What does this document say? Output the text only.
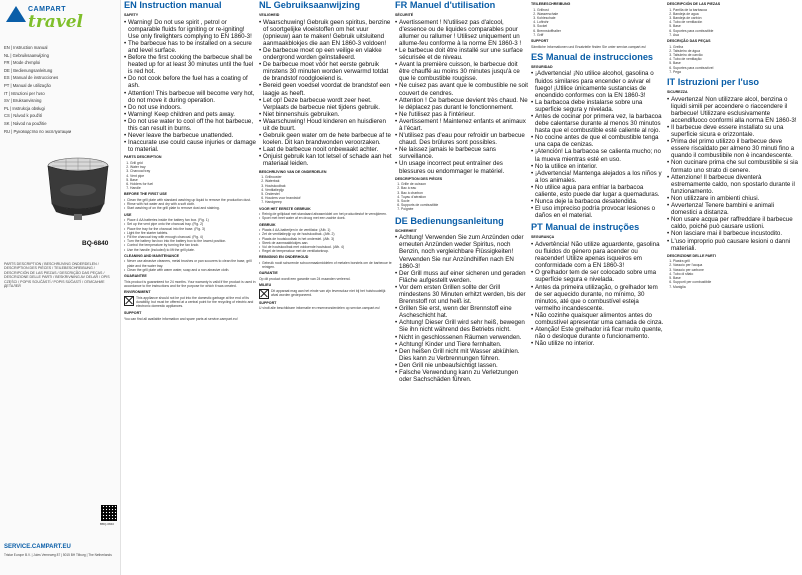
CAMPART
travel
EN | Instruction manual
NL | Gebruiksaanwijzing
FR | Mode d'emploi
DE | Bedienungsanleitung
ES | Manual de instrucciones
PT | Manual de utilização
IT | Istruzioni per l'uso
SV | Bruksanvisning
PL | Instrukcja obsługi
CS | Návod k použití
SK | Návod na použitie
RU | Руководство по эксплуатации
BQ-6840

PARTS DESCRIPTION / BESCHRIJVING ONDERDELEN / DESCRIPTION DES PIÈCES / TEILEBESCHREIBUNG / DESCRIPCIÓN DE LAS PIEZAS / DESCRIÇÃO DAS PEÇAS / DESCRIZIONE DELLE PARTI / BESKRIVNING AV DELAR / OPIS CZĘŚCI / POPIS SOUČÁSTÍ / POPIS SÚČASTÍ / ОПИСАНИЕ ДЕТАЛЕЙ

BBQ-6840
SERVICE.CAMPART.EU
Tristar Europe B.V. | Jules Verneweg 87 | 5015 BH Tilburg | The Netherlands
EN Instruction manual
SAFETY
• Warning! Do not use spirit , petrol or comparable fluids for igniting or re-igniting! Use only firelighters complying to EN 1860-3!
• The barbecue has to be installed on a secure and level surface.
• Before the first cooking the barbecue shall be heated up for at least 30 minutes until the fuel is red hot.
• Do not cook before the fuel has a coating of ash.
• Attention! This barbecue will become very hot, do not move it during operation.
• Do not use indoors.
• Warning! Keep children and pets away.
• Do not use water to cool off the hot barbecue, this can result in burns.
• Never leave the barbecue unattended.
• Inaccurate use could cause injuries or damage to material.
PARTS DESCRIPTION
1. Grill grid
2. Water tray
3. Charcoal tray
4. Vent pipe
5. Base
6. Holders for fuel
7. Handle
BEFORE THE FIRST USE
• Clean the grill plate with standard washing up liquid to remove the production dust.
• Rinse with hot water and dry with a soft cloth.
• Start washing of on the grill plate to remove dust and staining.
USE
• Place 4 AA batteries inside the battery fan box. (Fig. 1)
• Set up the vent pipe onto the charcoal tray. (Fig. 2)
• Place the tray for the charcoal into the base. (Fig. 3)
• Light the fire starter tablets.
• Fill the charcoal tray with enough charcoal. (Fig. 4)
• Turn the battery fan box into the battery box to the lowest position.
• Control the temperature by turning the fan knob.
• Use the handle (included) to lift the grill plate.
CLEANING AND MAINTENANCE
• Never use abrasive cleaners, metal brushes or pan scourers to clean the base, grill plate and the water tray.
• Clean the grill plate with warm water, soap and a non abrasive cloth.
GUARANTEE

This product is guaranteed for 24 months. Your warranty is valid if the product is used in accordance to the instructions and for the purpose for which it was created.

ENVIRONMENT

This appliance should not be put into the domestic garbage at the end of its durability, but must be offered at a central point for the recycling of electric and electronic domestic appliances.

SUPPORT

You can find all available information and spare parts at service.campart.eu!

NL Gebruiksaanwijzing
VEILIGHEID
• Waarschuwing! Gebruik geen spiritus, benzine of soortgelijke vloeistoffen om het vuur (opnieuw) aan te maken! Gebruik uitsluitend aanmaakblokjes die aan EN 1860-3 voldoen!
• De barbecue moet op een veilige en vlakke ondergrond worden geïnstalleerd.
• De barbecue moet vóór het eerste gebruik minstens 30 minuten worden verwarmd totdat de brandstof roodgloeiend is.
• Bereid geen voedsel voordat de brandstof een laagje as heeft.
• Let op! Deze barbecue wordt zeer heet. Verplaats de barbecue niet tijdens gebruik.
• Niet binnenshuis gebruiken.
• Waarschuwing! Houd kinderen en huisdieren uit de buurt.
• Gebruik geen water om de hete barbecue af te koelen. Dit kan brandwonden veroorzaken.
• Laat de barbecue nooit onbewaakt achter.
• Onjuist gebruik kan tot letsel of schade aan het materiaal leiden.
BESCHRIJVING VAN DE ONDERDELEN
1. Grillrooster
2. Waterbak
3. Houtskoolbak
4. Ventilatiepijp
5. Onderstel
6. Houders voor brandstof
7. Handgreep
VOOR HET EERSTE GEBRUIK
• Reinig de grillplaat met standaard afwasmiddel om het productiestof te verwijderen.
• Spoel met heet water af en droog met een zachte doek.
GEBRUIK
• Plaats 4 AA-batterijen in de ventilator. (Afb. 1)
• Zet de ventilatiepijp op de houtskoolbak. (Afb. 2)
• Plaats de houtskoolbak in het onderstel. (Afb. 3)
• Steek de aanmaakblokjes aan.
• Vul de houtskoolbak met voldoende houtskool. (Afb. 4)
• Regel de temperatuur met de ventilatorknop.
REINIGING EN ONDERHOUD
• Gebruik nooit schurende schoonmaakmiddelen of metalen borstels om de barbecue te reinigen.
GARANTIE

Op dit product wordt een garantie van 24 maanden verleend.

MILIEU

Dit apparaat mag aan het einde van zijn levensduur niet bij het huishoudelijk afval worden gedeponeerd.

SUPPORT

U vindt alle beschikbare informatie en reserveonderdelen op service.campart.eu!

FR Manuel d'utilisation
SÉCURITÉ
• Avertissement ! N'utilisez pas d'alcool, d'essence ou de liquides comparables pour allumer ou rallumer ! Utilisez uniquement un allume-feu conforme à la norme EN 1860-3 !
• Le barbecue doit être installé sur une surface sécurisée et de niveau.
• Avant la première cuisson, le barbecue doit être chauffé au moins 30 minutes jusqu'à ce que le combustible rougisse.
• Ne cuisez pas avant que le combustible ne soit couvert de cendres.
• Attention ! Ce barbecue devient très chaud. Ne le déplacez pas durant le fonctionnement.
• Ne l'utilisez pas à l'intérieur.
• Avertissement ! Maintenez enfants et animaux à l'écart.
• N'utilisez pas d'eau pour refroidir un barbecue chaud. Des brûlures sont possibles.
• Ne laissez jamais le barbecue sans surveillance.
• Un usage incorrect peut entraîner des blessures ou endommager le matériel.
DESCRIPTION DES PIÈCES
1. Grille de cuisson
2. Bac à eau
3. Bac à charbon
4. Tuyau d'aération
5. Socle
6. Supports de combustible
7. Poignée
DE Bedienungsanleitung
SICHERHEIT
• Achtung! Verwenden Sie zum Anzünden oder erneuten Anzünden weder Spiritus, noch Benzin, noch vergleichbare Flüssigkeiten! Verwenden Sie nur Anzündhilfen nach EN 1860-3!
• Der Grill muss auf einer sicheren und geraden Fläche aufgestellt werden.
• Vor dem ersten Grillen sollte der Grill mindestens 30 Minuten erhitzt werden, bis der Brennstoff rot und heiß ist.
• Grillen Sie erst, wenn der Brennstoff eine Ascheschicht hat.
• Achtung! Dieser Grill wird sehr heiß, bewegen Sie ihn nicht während des Betriebs nicht.
• Nicht in geschlossenen Räumen verwenden.
• Achtung! Kinder und Tiere fernhalten.
• Den heißen Grill nicht mit Wasser abkühlen. Dies kann zu Verbrennungen führen.
• Den Grill nie unbeaufsichtigt lassen.
• Falsche Verwendung kann zu Verletzungen oder Sachschäden führen.
TEILEBESCHREIBUNG
1. Grillrost
2. Wasserschale
3. Kohleschale
4. Luftrohr
5. Sockel
6. Brennstoffhalter
7. Griff
SUPPORT

Sämtliche Informationen und Ersatzteile finden Sie unter service.campart.eu!

ES Manual de instrucciones
SEGURIDAD
• ¡Advertencia! ¡No utilice alcohol, gasolina o fluidos similares para encender o avivar el fuego! ¡Utilice únicamente sustancias de encendido conformes con la EN 1860-3!
• La barbacoa debe instalarse sobre una superficie segura y nivelada.
• Antes de cocinar por primera vez, la barbacoa debe calentarse durante al menos 30 minutos hasta que el combustible esté caliente al rojo.
• No cocine antes de que el combustible tenga una capa de cenizas.
• ¡Atención! La barbacoa se calienta mucho; no la mueva mientras esté en uso.
• No la utilice en interior.
• ¡Advertencia! Mantenga alejados a los niños y a los animales.
• No utilice agua para enfriar la barbacoa caliente, esto puede dar lugar a quemaduras.
• Nunca deje la barbacoa desatendida.
• El uso impreciso podría provocar lesiones o daños en el material.
PT Manual de instruções
SEGURANÇA
• Advertência! Não utilize aguardente, gasolina ou fluidos do género para acender ou reacender! Utilize apenas isqueiros em conformidade com a EN 1860-3!
• O grelhador tem de ser colocado sobre uma superfície segura e nivelada.
• Antes da primeira utilização, o grelhador tem de ser aquecido durante, no mínimo, 30 minutos, até que o combustível esteja vermelho incandescente.
• Não cozinhe quaisquer alimentos antes do combustível apresentar uma camada de cinza.
• Atenção! Este grelhador irá ficar muito quente, não o desloque durante o funcionamento.
• Não utilize no interior.
DESCRIPCIÓN DE LAS PIEZAS
1. Parrilla de la barbacoa
2. Bandeja de agua
3. Bandeja de carbón
4. Tubo de ventilación
5. Base
6. Soportes para combustible
7. Asa
DESCRIÇÃO DAS PEÇAS
1. Grelha
2. Tabuleiro de água
3. Tabuleiro de carvão
4. Tubo de ventilação
5. Base
6. Suportes para combustível
7. Pega
IT Istruzioni per l'uso
SICUREZZA
• Avvertenza! Non utilizzare alcol, benzina o liquidi simili per accendere o riaccendere il barbecue! Utilizzare esclusivamente accendifuoco conformi alla norma EN 1860-3!
• Il barbecue deve essere installato su una superficie sicura e orizzontale.
• Prima del primo utilizzo il barbecue deve essere riscaldato per almeno 30 minuti fino a quando il combustibile non è incandescente.
• Non cucinare prima che sul combustibile si sia formato uno strato di cenere.
• Attenzione! Il barbecue diventerà estremamente caldo, non spostarlo durante il funzionamento.
• Non utilizzare in ambienti chiusi.
• Avvertenza! Tenere bambini e animali domestici a distanza.
• Non usare acqua per raffreddare il barbecue caldo, poiché può causare ustioni.
• Non lasciare mai il barbecue incustodito.
• L'uso improprio può causare lesioni o danni materiali.
DESCRIZIONE DELLE PARTI
1. Piastra grill
2. Vassoio per l'acqua
3. Vassoio per carbone
4. Tubo di sfiato
5. Base
6. Supporti per combustibile
7. Maniglia
